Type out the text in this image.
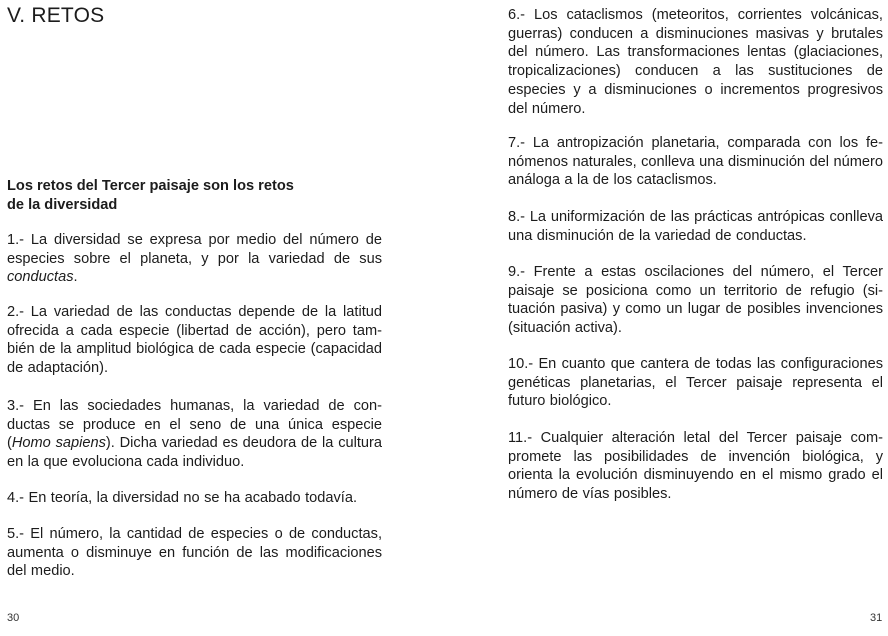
V. RETOS
Los retos del Tercer paisaje son los retos de la diversidad

1.- La diversidad se expresa por medio del número de especies sobre el planeta, y por la variedad de sus conductas.

2.- La variedad de las conductas depende de la latitud ofrecida a cada especie (libertad de acción), pero también de la amplitud biológica de cada especie (capacidad de adaptación).

3.- En las sociedades humanas, la variedad de conductas se produce en el seno de una única especie (Homo sapiens). Dicha variedad es deudora de la cultura en la que evoluciona cada individuo.

4.- En teoría, la diversidad no se ha acabado todavía.

5.- El número, la cantidad de especies o de conductas, aumenta o disminuye en función de las modificaciones del medio.

30

6.- Los cataclismos (meteoritos, corrientes volcánicas, guerras) conducen a disminuciones masivas y brutales del número. Las transformaciones lentas (glaciaciones, tropicalizaciones) conducen a las sustituciones de especies y a disminuciones o incrementos progresivos del número.

7.- La antropización planetaria, comparada con los fenómenos naturales, conlleva una disminución del número análoga a la de los cataclismos.

8.- La uniformización de las prácticas antrópicas conlleva una disminución de la variedad de conductas.

9.- Frente a estas oscilaciones del número, el Tercer paisaje se posiciona como un territorio de refugio (situación pasiva) y como un lugar de posibles invenciones (situación activa).

10.- En cuanto que cantera de todas las configuraciones genéticas planetarias, el Tercer paisaje representa el futuro biológico.

11.- Cualquier alteración letal del Tercer paisaje compromete las posibilidades de invención biológica, y orienta la evolución disminuyendo en el mismo grado el número de vías posibles.

31
